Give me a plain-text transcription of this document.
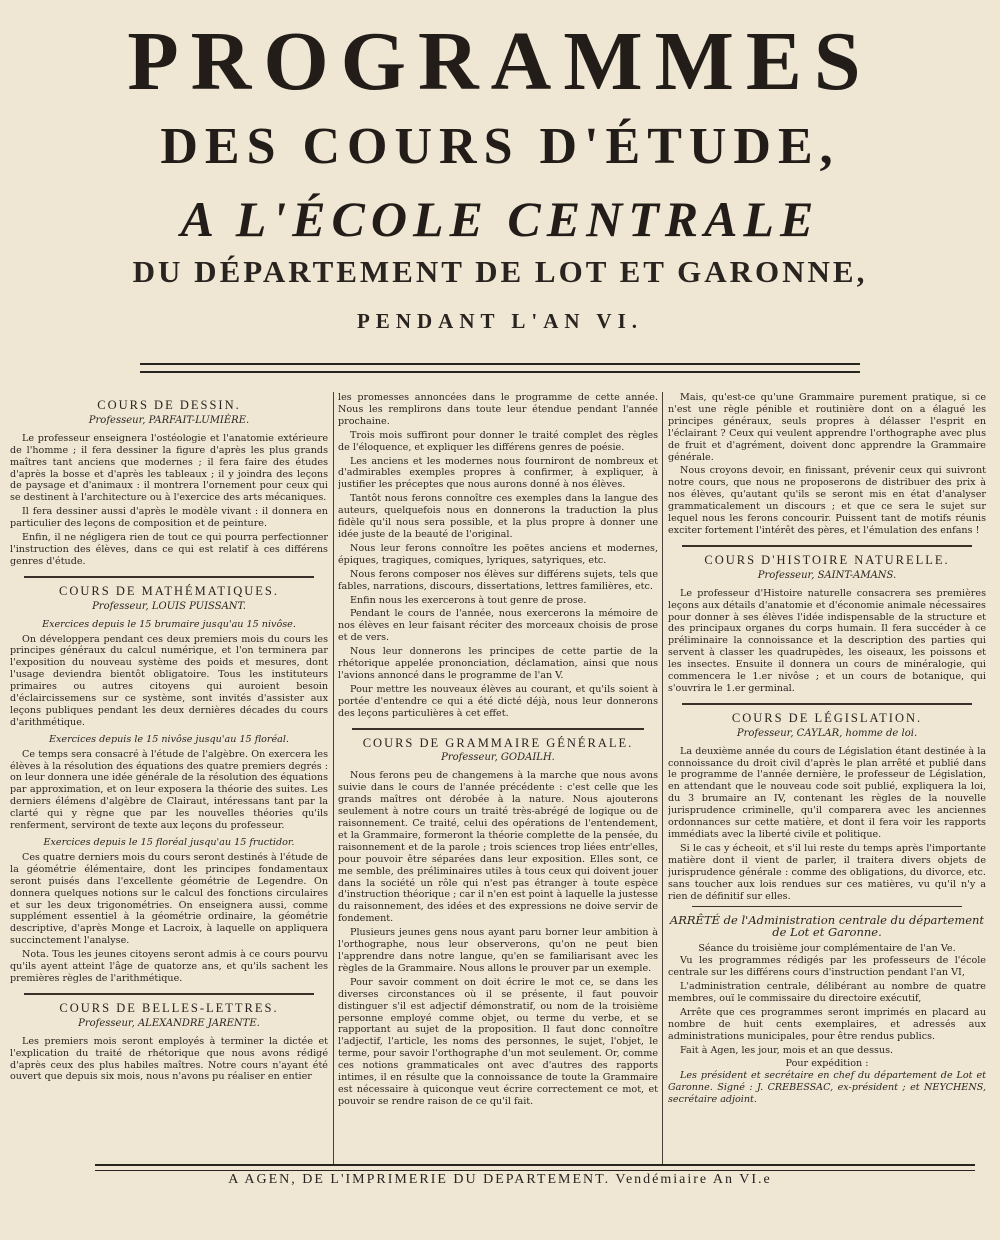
PROGRAMMES
DES COURS D'ÉTUDE,
A L'ÉCOLE CENTRALE
DU DÉPARTEMENT DE LOT ET GARONNE,
PENDANT L'AN VI.
COURS DE DESSIN.
Professeur, PARFAIT-LUMIÈRE.

Le professeur enseignera l'ostéologie et l'anatomie extérieure de l'homme ; il fera dessiner la figure d'après les plus grands maîtres tant anciens que modernes ; il fera faire des études d'après la bosse et d'après les tableaux ; il y joindra des leçons de paysage et d'animaux : il montrera l'ornement pour ceux qui se destinent à l'architecture ou à l'exercice des arts mécaniques.

Il fera dessiner aussi d'après le modèle vivant : il donnera en particulier des leçons de composition et de peinture.

Enfin, il ne négligera rien de tout ce qui pourra perfectionner l'instruction des élèves, dans ce qui est relatif à ces différens genres d'étude.

COURS DE MATHÉMATIQUES.
Professeur, LOUIS PUISSANT.
Exercices depuis le 15 brumaire jusqu'au 15 nivôse.

On développera pendant ces deux premiers mois du cours les principes généraux du calcul numérique, et l'on terminera par l'exposition du nouveau système des poids et mesures, dont l'usage deviendra bientôt obligatoire. Tous les instituteurs primaires ou autres citoyens qui auroient besoin d'éclaircissemens sur ce système, sont invités d'assister aux leçons publiques pendant les deux dernières décades du cours d'arithmétique.

Exercices depuis le 15 nivôse jusqu'au 15 floréal.

Ce temps sera consacré à l'étude de l'algèbre. On exercera les élèves à la résolution des équations des quatre premiers degrés : on leur donnera une idée générale de la résolution des équations par approximation, et on leur exposera la théorie des suites. Les derniers élémens d'algèbre de Clairaut, intéressans tant par la clarté qui y règne que par les nouvelles théories qu'ils renferment, serviront de texte aux leçons du professeur.

Exercices depuis le 15 floréal jusqu'au 15 fructidor.

Ces quatre derniers mois du cours seront destinés à l'étude de la géométrie élémentaire, dont les principes fondamentaux seront puisés dans l'excellente géométrie de Legendre. On donnera quelques notions sur le calcul des fonctions circulaires et sur les deux trigonométries. On enseignera aussi, comme supplément essentiel à la géométrie ordinaire, la géométrie descriptive, d'après Monge et Lacroix, à laquelle on appliquera succinctement l'analyse.

Nota. Tous les jeunes citoyens seront admis à ce cours pourvu qu'ils ayent atteint l'âge de quatorze ans, et qu'ils sachent les premières règles de l'arithmétique.

COURS DE BELLES-LETTRES.
Professeur, ALEXANDRE JARENTE.

Les premiers mois seront employés à terminer la dictée et l'explication du traité de rhétorique que nous avons rédigé d'après ceux des plus habiles maîtres. Notre cours n'ayant été ouvert que depuis six mois, nous n'avons pu réaliser en entier

les promesses annoncées dans le programme de cette année. Nous les remplirons dans toute leur étendue pendant l'année prochaine.

Trois mois suffiront pour donner le traité complet des règles de l'éloquence, et expliquer les différens genres de poésie.

Les anciens et les modernes nous fourniront de nombreux et d'admirables exemples propres à confirmer, à expliquer, à justifier les préceptes que nous aurons donné à nos élèves.

Tantôt nous ferons connoître ces exemples dans la langue des auteurs, quelquefois nous en donnerons la traduction la plus fidèle qu'il nous sera possible, et la plus propre à donner une idée juste de la beauté de l'original.

Nous leur ferons connoître les poëtes anciens et modernes, épiques, tragiques, comiques, lyriques, satyriques, etc.

Nous ferons composer nos élèves sur différens sujets, tels que fables, narrations, discours, dissertations, lettres familières, etc.

Enfin nous les exercerons à tout genre de prose.

Pendant le cours de l'année, nous exercerons la mémoire de nos élèves en leur faisant réciter des morceaux choisis de prose et de vers.

Nous leur donnerons les principes de cette partie de la rhétorique appelée prononciation, déclamation, ainsi que nous l'avions annoncé dans le programme de l'an V.

Pour mettre les nouveaux élèves au courant, et qu'ils soient à portée d'entendre ce qui a été dicté déjà, nous leur donnerons des leçons particulières à cet effet.

COURS DE GRAMMAIRE GÉNÉRALE.
Professeur, GODAILH.

Nous ferons peu de changemens à la marche que nous avons suivie dans le cours de l'année précédente : c'est celle que les grands maîtres ont dérobée à la nature. Nous ajouterons seulement à notre cours un traité très-abrégé de logique ou de raisonnement. Ce traité, celui des opérations de l'entendement, et la Grammaire, formeront la théorie complette de la pensée, du raisonnement et de la parole ; trois sciences trop liées entr'elles, pour pouvoir être séparées dans leur exposition. Elles sont, ce me semble, des préliminaires utiles à tous ceux qui doivent jouer dans la société un rôle qui n'est pas étranger à toute espèce d'instruction théorique ; car il n'en est point à laquelle la justesse du raisonnement, des idées et des expressions ne doive servir de fondement.

Plusieurs jeunes gens nous ayant paru borner leur ambition à l'orthographe, nous leur observerons, qu'on ne peut bien l'apprendre dans notre langue, qu'en se familiarisant avec les règles de la Grammaire. Nous allons le prouver par un exemple.

Pour savoir comment on doit écrire le mot ce, se dans les diverses circonstances où il se présente, il faut pouvoir distinguer s'il est adjectif démonstratif, ou nom de la troisième personne employé comme objet, ou terme du verbe, et se rapportant au sujet de la proposition. Il faut donc connoître l'adjectif, l'article, les noms des personnes, le sujet, l'objet, le terme, pour savoir l'orthographe d'un mot seulement. Or, comme ces notions grammaticales ont avec d'autres des rapports intimes, il en résulte que la connoissance de toute la Grammaire est nécessaire à quiconque veut écrire correctement ce mot, et pouvoir se rendre raison de ce qu'il fait.

Mais, qu'est-ce qu'une Grammaire purement pratique, si ce n'est une règle pénible et routinière dont on a élagué les principes généraux, seuls propres à délasser l'esprit en l'éclairant ? Ceux qui veulent apprendre l'orthographe avec plus de fruit et d'agrément, doivent donc apprendre la Grammaire générale.

Nous croyons devoir, en finissant, prévenir ceux qui suivront notre cours, que nous ne proposerons de distribuer des prix à nos élèves, qu'autant qu'ils se seront mis en état d'analyser grammaticalement un discours ; et que ce sera le sujet sur lequel nous les ferons concourir. Puissent tant de motifs réunis exciter fortement l'intérêt des pères, et l'émulation des enfans !

COURS D'HISTOIRE NATURELLE.
Professeur, SAINT-AMANS.

Le professeur d'Histoire naturelle consacrera ses premières leçons aux détails d'anatomie et d'économie animale nécessaires pour donner à ses élèves l'idée indispensable de la structure et des principaux organes du corps humain. Il fera succéder à ce préliminaire la connoissance et la description des parties qui servent à classer les quadrupèdes, les oiseaux, les poissons et les insectes. Ensuite il donnera un cours de minéralogie, qui commencera le 1.er nivôse ; et un cours de botanique, qui s'ouvrira le 1.er germinal.

COURS DE LÉGISLATION.
Professeur, CAYLAR, homme de loi.

La deuxième année du cours de Législation étant destinée à la connoissance du droit civil d'après le plan arrêté et publié dans le programme de l'année dernière, le professeur de Législation, en attendant que le nouveau code soit publié, expliquera la loi, du 3 brumaire an IV, contenant les règles de la nouvelle jurisprudence criminelle, qu'il comparera avec les anciennes ordonnances sur cette matière, et dont il fera voir les rapports immédiats avec la liberté civile et politique.

Si le cas y écheoit, et s'il lui reste du temps après l'importante matière dont il vient de parler, il traitera divers objets de jurisprudence générale : comme des obligations, du divorce, etc. sans toucher aux lois rendues sur ces matières, vu qu'il n'y a rien de définitif sur elles.

ARRÊTÉ de l'Administration centrale du département de Lot et Garonne.
Séance du troisième jour complémentaire de l'an Ve.

Vu les programmes rédigés par les professeurs de l'école centrale sur les différens cours d'instruction pendant l'an VI,

L'administration centrale, délibérant au nombre de quatre membres, ouï le commissaire du directoire exécutif,

Arrête que ces programmes seront imprimés en placard au nombre de huit cents exemplaires, et adressés aux administrations municipales, pour être rendus publics.

Fait à Agen, les jour, mois et an que dessus.

Pour expédition :

Les président et secrétaire en chef du département de Lot et Garonne. Signé : J. CREBESSAC, ex-président ; et NEYCHENS, secrétaire adjoint.

A AGEN, DE L'IMPRIMERIE DU DEPARTEMENT. Vendémiaire An VI.e
